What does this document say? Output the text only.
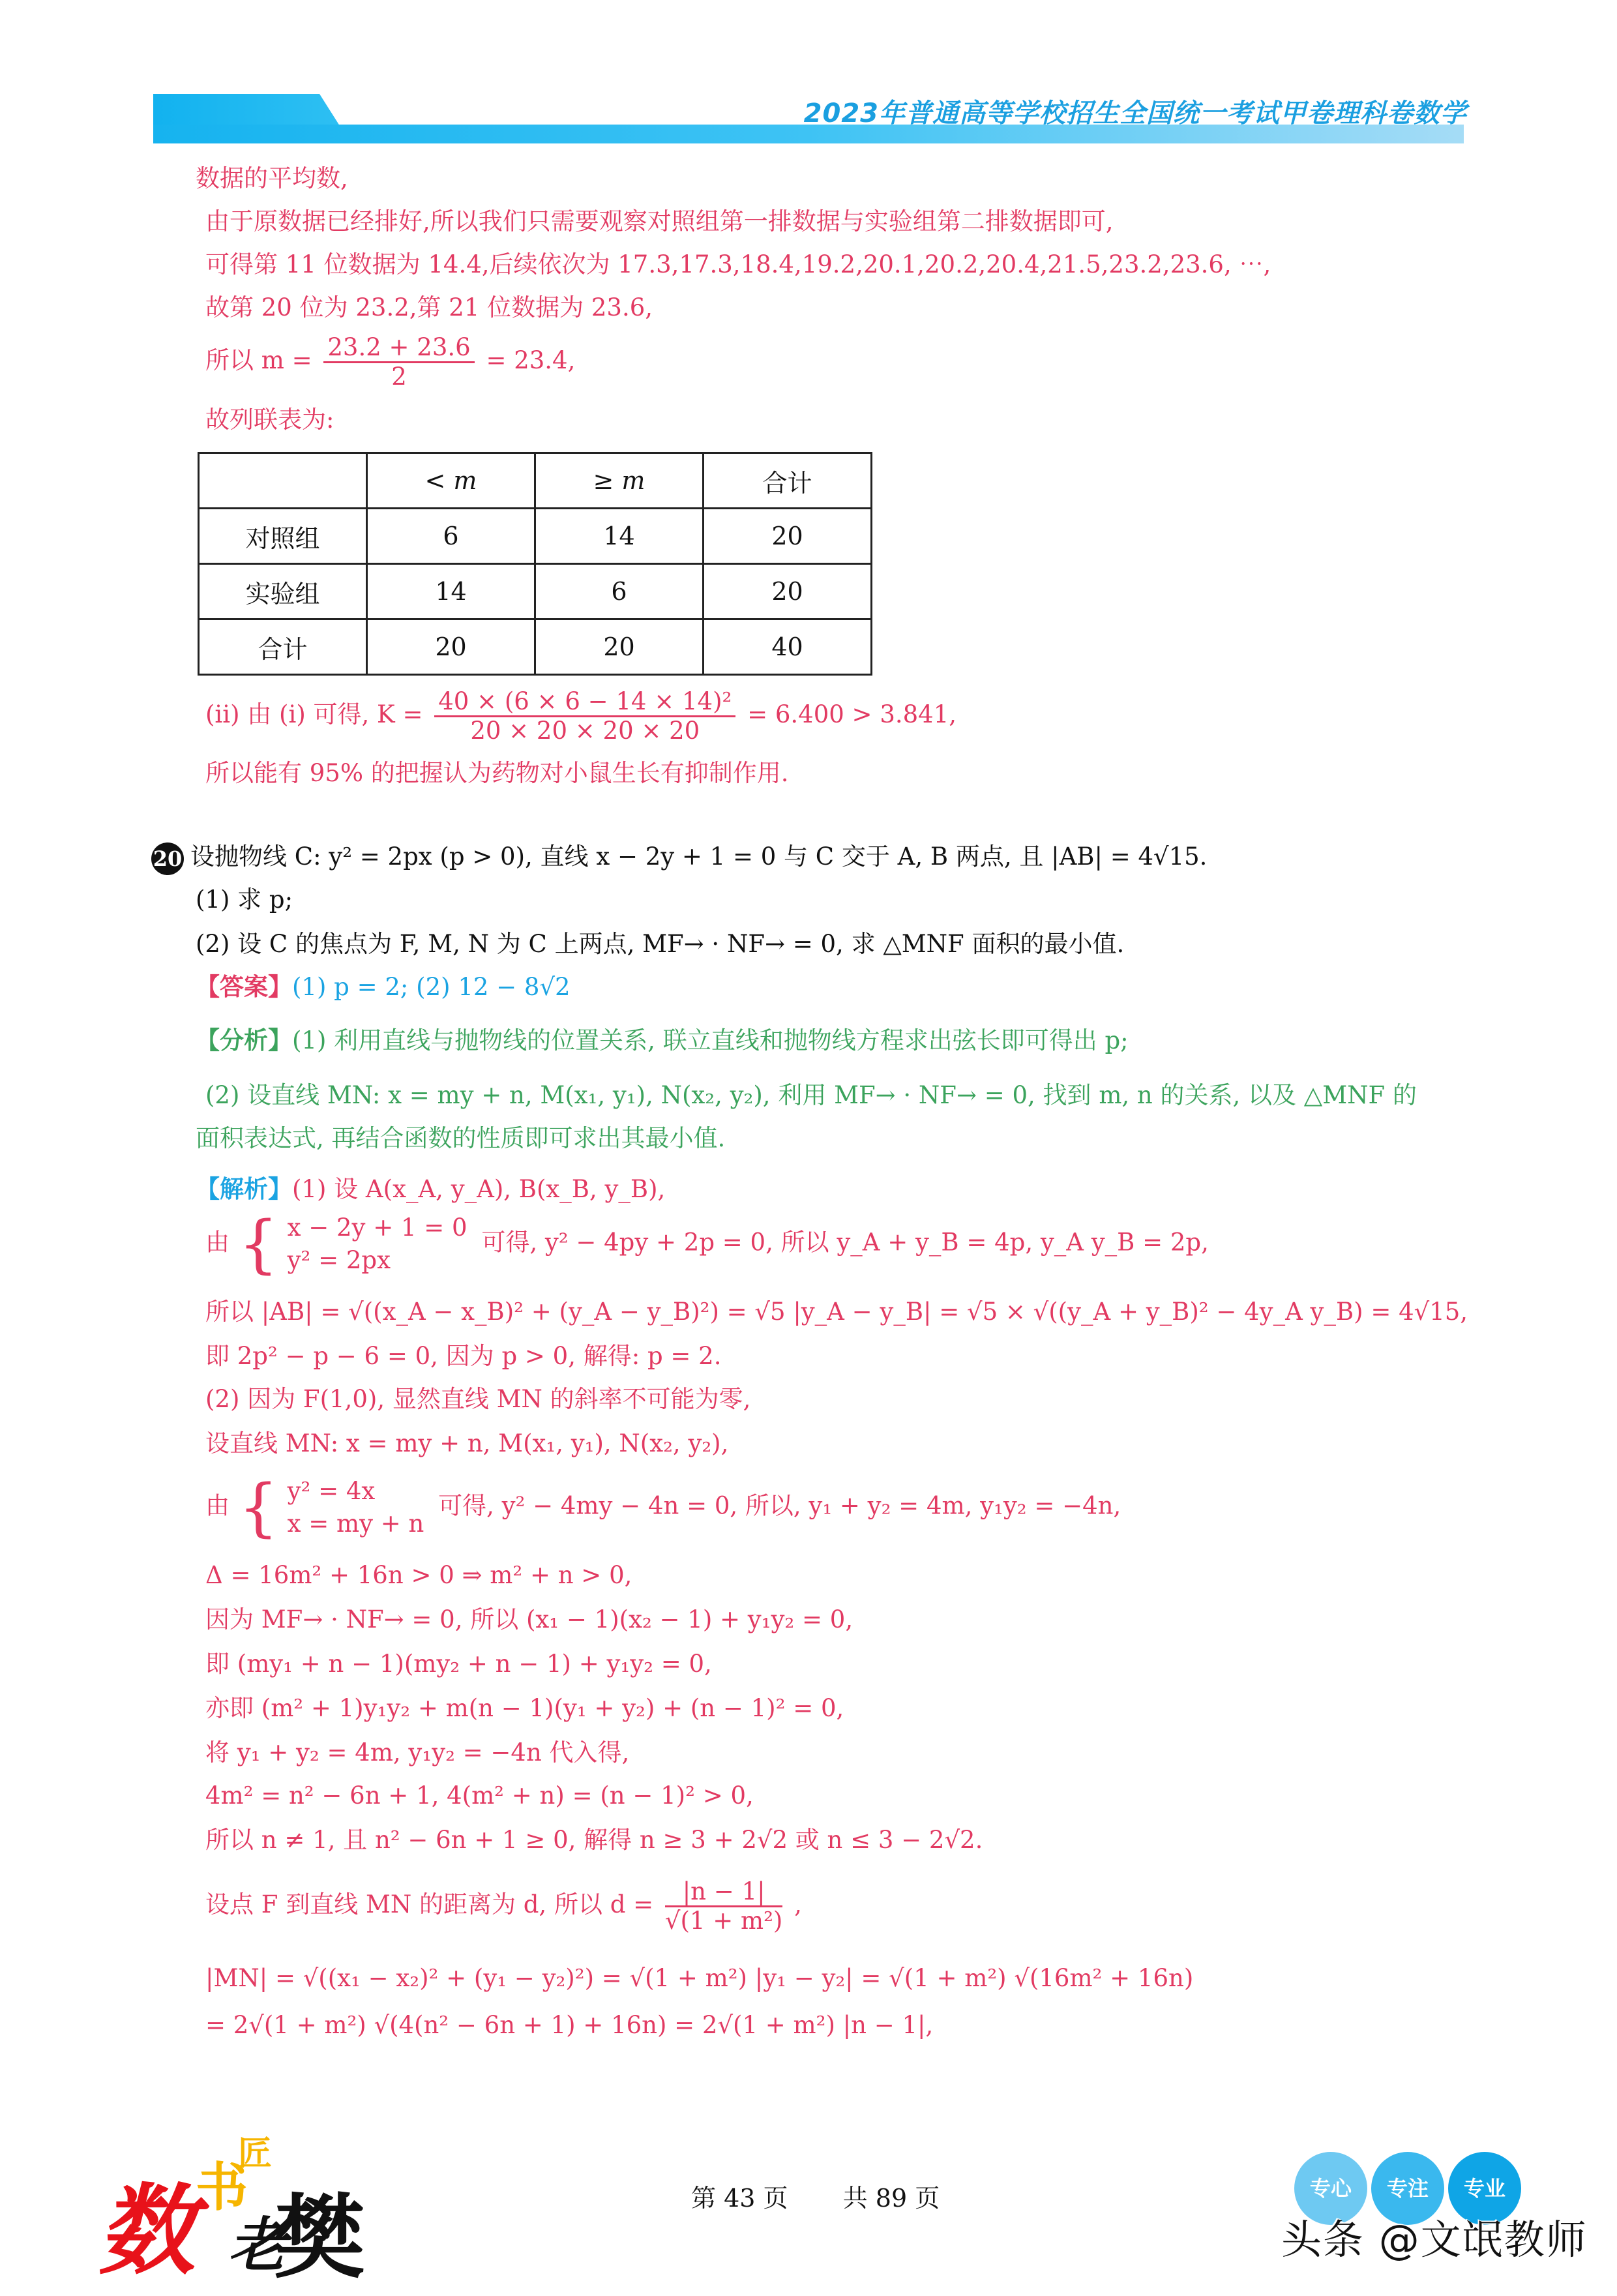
2023年普通高等学校招生全国统一考试甲卷理科卷数学
数据的平均数,
由于原数据已经排好,所以我们只需要观察对照组第一排数据与实验组第二排数据即可,
可得第 11 位数据为 14.4,后续依次为 17.3,17.3,18.4,19.2,20.1,20.2,20.4,21.5,23.2,23.6, ⋯,
故第 20 位为 23.2,第 21 位数据为 23.6,
所以 $m = \frac{23.2 + 23.6}{2} = 23.4$,
故列联表为:
	< m	≥ m	合计
对照组	6	14	20
实验组	14	6	20
合计	20	20	40
(ii) 由 (i) 可得, $K = \frac{\text{40 × (6 × 6 − 14 × 14)²}}{20 \times 20 \times 20 \times 20} = 6.400 > 3.841$,
所以能有 95% 的把握认为药物对小鼠生长有抑制作用.
20 设抛物线 C: y² = 2px (p > 0), 直线 x − 2y + 1 = 0 与 C 交于 A, B 两点, 且 |AB| = 4√15.
(1) 求 p;
(2) 设 C 的焦点为 F, M, N 为 C 上两点, MF→ · NF→ = 0, 求 △MNF 面积的最小值.
【答案】(1) p = 2; (2) 12 − 8√2
【分析】(1) 利用直线与抛物线的位置关系, 联立直线和抛物线方程求出弦长即可得出 p;
(2) 设直线 MN: x = my + n, M(x₁, y₁), N(x₂, y₂), 利用 MF→ · NF→ = 0, 找到 m, n 的关系, 以及 △MNF 的
面积表达式, 再结合函数的性质即可求出其最小值.
【解析】(1) 设 A(x_A, y_A), B(x_B, y_B),
由 { x − 2y + 1 = 0
y² = 2px
可得, y² − 4py + 2p = 0, 所以 y_A + y_B = 4p, y_A y_B = 2p,
所以 |AB| = √((x_A − x_B)² + (y_A − y_B)²) = √5 |y_A − y_B| = √5 × √((y_A + y_B)² − 4y_A y_B) = 4√15,
即 2p² − p − 6 = 0, 因为 p > 0, 解得: p = 2.
(2) 因为 F(1,0), 显然直线 MN 的斜率不可能为零,
设直线 MN: x = my + n, M(x₁, y₁), N(x₂, y₂),
由 { y² = 4x
x = my + n
可得, y² − 4my − 4n = 0, 所以, y₁ + y₂ = 4m, y₁y₂ = −4n,
Δ = 16m² + 16n > 0 ⇒ m² + n > 0,
因为 MF→ · NF→ = 0, 所以 (x₁ − 1)(x₂ − 1) + y₁y₂ = 0,
即 (my₁ + n − 1)(my₂ + n − 1) + y₁y₂ = 0,
亦即 (m² + 1)y₁y₂ + m(n − 1)(y₁ + y₂) + (n − 1)² = 0,
将 y₁ + y₂ = 4m, y₁y₂ = −4n 代入得,
4m² = n² − 6n + 1, 4(m² + n) = (n − 1)² > 0,
所以 n ≠ 1, 且 n² − 6n + 1 ≥ 0, 解得 n ≥ 3 + 2√2 或 n ≤ 3 − 2√2.
设点 F 到直线 MN 的距离为 d, 所以 $d = \frac{|n - 1|}{\text{√(1 + m²)}}$ ,
|MN| = √((x₁ − x₂)² + (y₁ − y₂)²) = √(1 + m²) |y₁ − y₂| = √(1 + m²) √(16m² + 16n)
= 2√(1 + m²) √(4(n² − 6n + 1) + 16n) = 2√(1 + m²) |n − 1|,
数 书
匠
老
樊	第 43 页 共 89 页	专心	专注	专业
头条 @文氓教师
